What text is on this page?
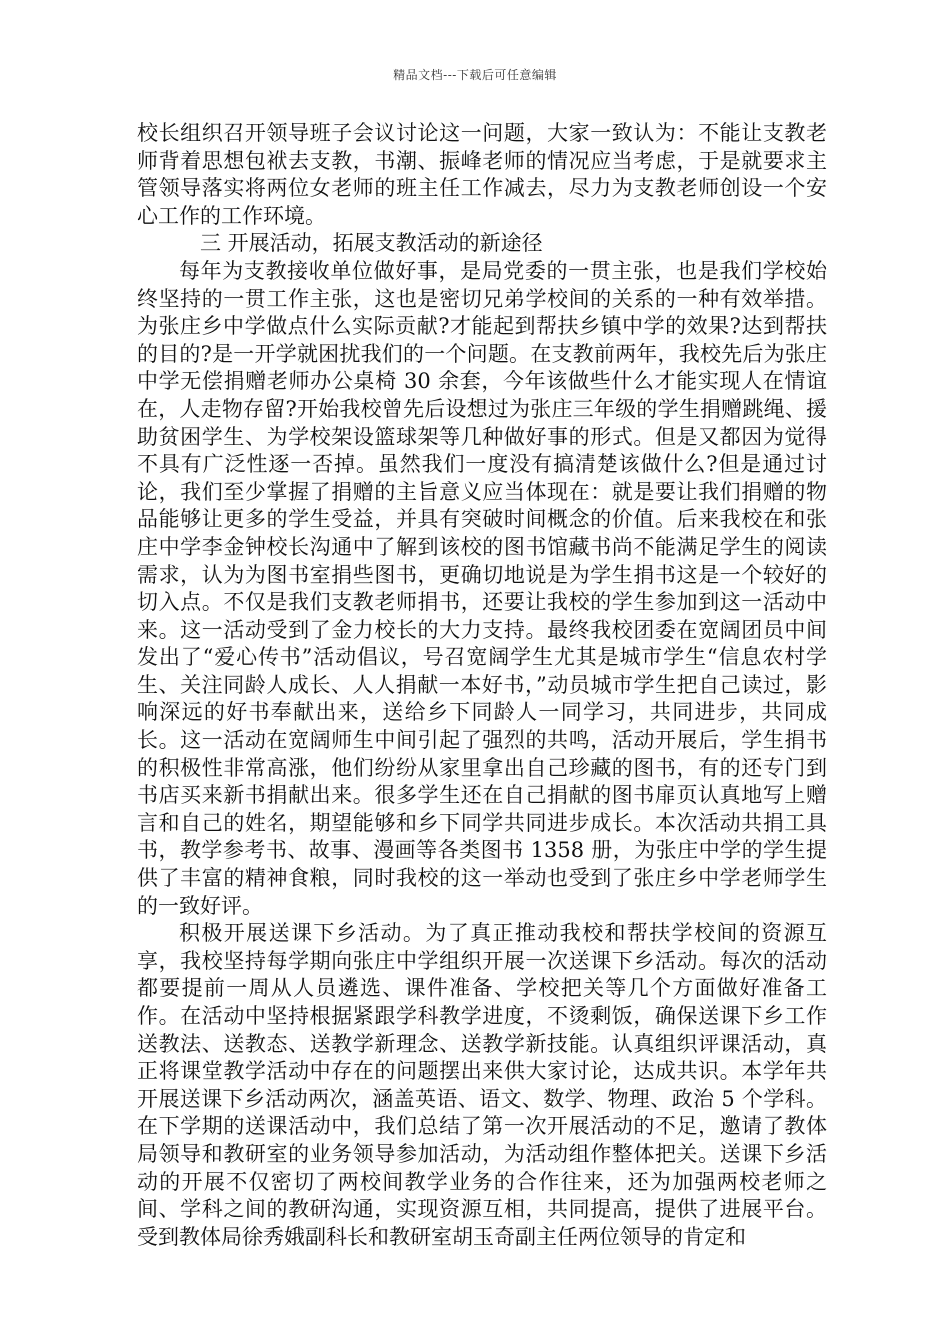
精品文档---下载后可任意编辑

校长组织召开领导班子会议讨论这一问题，大家一致认为：不能让支教老师背着思想包袱去支教，书潮、振峰老师的情况应当考虑，于是就要求主管领导落实将两位女老师的班主任工作减去，尽力为支教老师创设一个安心工作的工作环境。

三 开展活动，拓展支教活动的新途径

每年为支教接收单位做好事，是局党委的一贯主张，也是我们学校始终坚持的一贯工作主张，这也是密切兄弟学校间的关系的一种有效举措。为张庄乡中学做点什么实际贡献?才能起到帮扶乡镇中学的效果?达到帮扶的目的?是一开学就困扰我们的一个问题。在支教前两年，我校先后为张庄中学无偿捐赠老师办公桌椅 30 余套，今年该做些什么才能实现人在情谊在，人走物存留?开始我校曾先后设想过为张庄三年级的学生捐赠跳绳、援助贫困学生、为学校架设篮球架等几种做好事的形式。但是又都因为觉得不具有广泛性逐一否掉。虽然我们一度没有搞清楚该做什么?但是通过讨论，我们至少掌握了捐赠的主旨意义应当体现在：就是要让我们捐赠的物品能够让更多的学生受益，并具有突破时间概念的价值。后来我校在和张庄中学李金钟校长沟通中了解到该校的图书馆藏书尚不能满足学生的阅读需求，认为为图书室捐些图书，更确切地说是为学生捐书这是一个较好的切入点。不仅是我们支教老师捐书，还要让我校的学生参加到这一活动中来。这一活动受到了金力校长的大力支持。最终我校团委在宽阔团员中间发出了“爱心传书”活动倡议，号召宽阔学生尤其是城市学生“信息农村学生、关注同龄人成长、人人捐献一本好书，”动员城市学生把自己读过，影响深远的好书奉献出来，送给乡下同龄人一同学习，共同进步，共同成长。这一活动在宽阔师生中间引起了强烈的共鸣，活动开展后，学生捐书的积极性非常高涨，他们纷纷从家里拿出自己珍藏的图书，有的还专门到书店买来新书捐献出来。很多学生还在自己捐献的图书扉页认真地写上赠言和自己的姓名，期望能够和乡下同学共同进步成长。本次活动共捐工具书，教学参考书、故事、漫画等各类图书 1358 册，为张庄中学的学生提供了丰富的精神食粮，同时我校的这一举动也受到了张庄乡中学老师学生的一致好评。

积极开展送课下乡活动。为了真正推动我校和帮扶学校间的资源互享，我校坚持每学期向张庄中学组织开展一次送课下乡活动。每次的活动都要提前一周从人员遴选、课件准备、学校把关等几个方面做好准备工作。在活动中坚持根据紧跟学科教学进度，不烫剩饭，确保送课下乡工作送教法、送教态、送教学新理念、送教学新技能。认真组织评课活动，真正将课堂教学活动中存在的问题摆出来供大家讨论，达成共识。本学年共开展送课下乡活动两次，涵盖英语、语文、数学、物理、政治 5 个学科。在下学期的送课活动中，我们总结了第一次开展活动的不足，邀请了教体局领导和教研室的业务领导参加活动，为活动组作整体把关。送课下乡活动的开展不仅密切了两校间教学业务的合作往来，还为加强两校老师之间、学科之间的教研沟通，实现资源互相，共同提高，提供了进展平台。受到教体局徐秀娥副科长和教研室胡玉奇副主任两位领导的肯定和
